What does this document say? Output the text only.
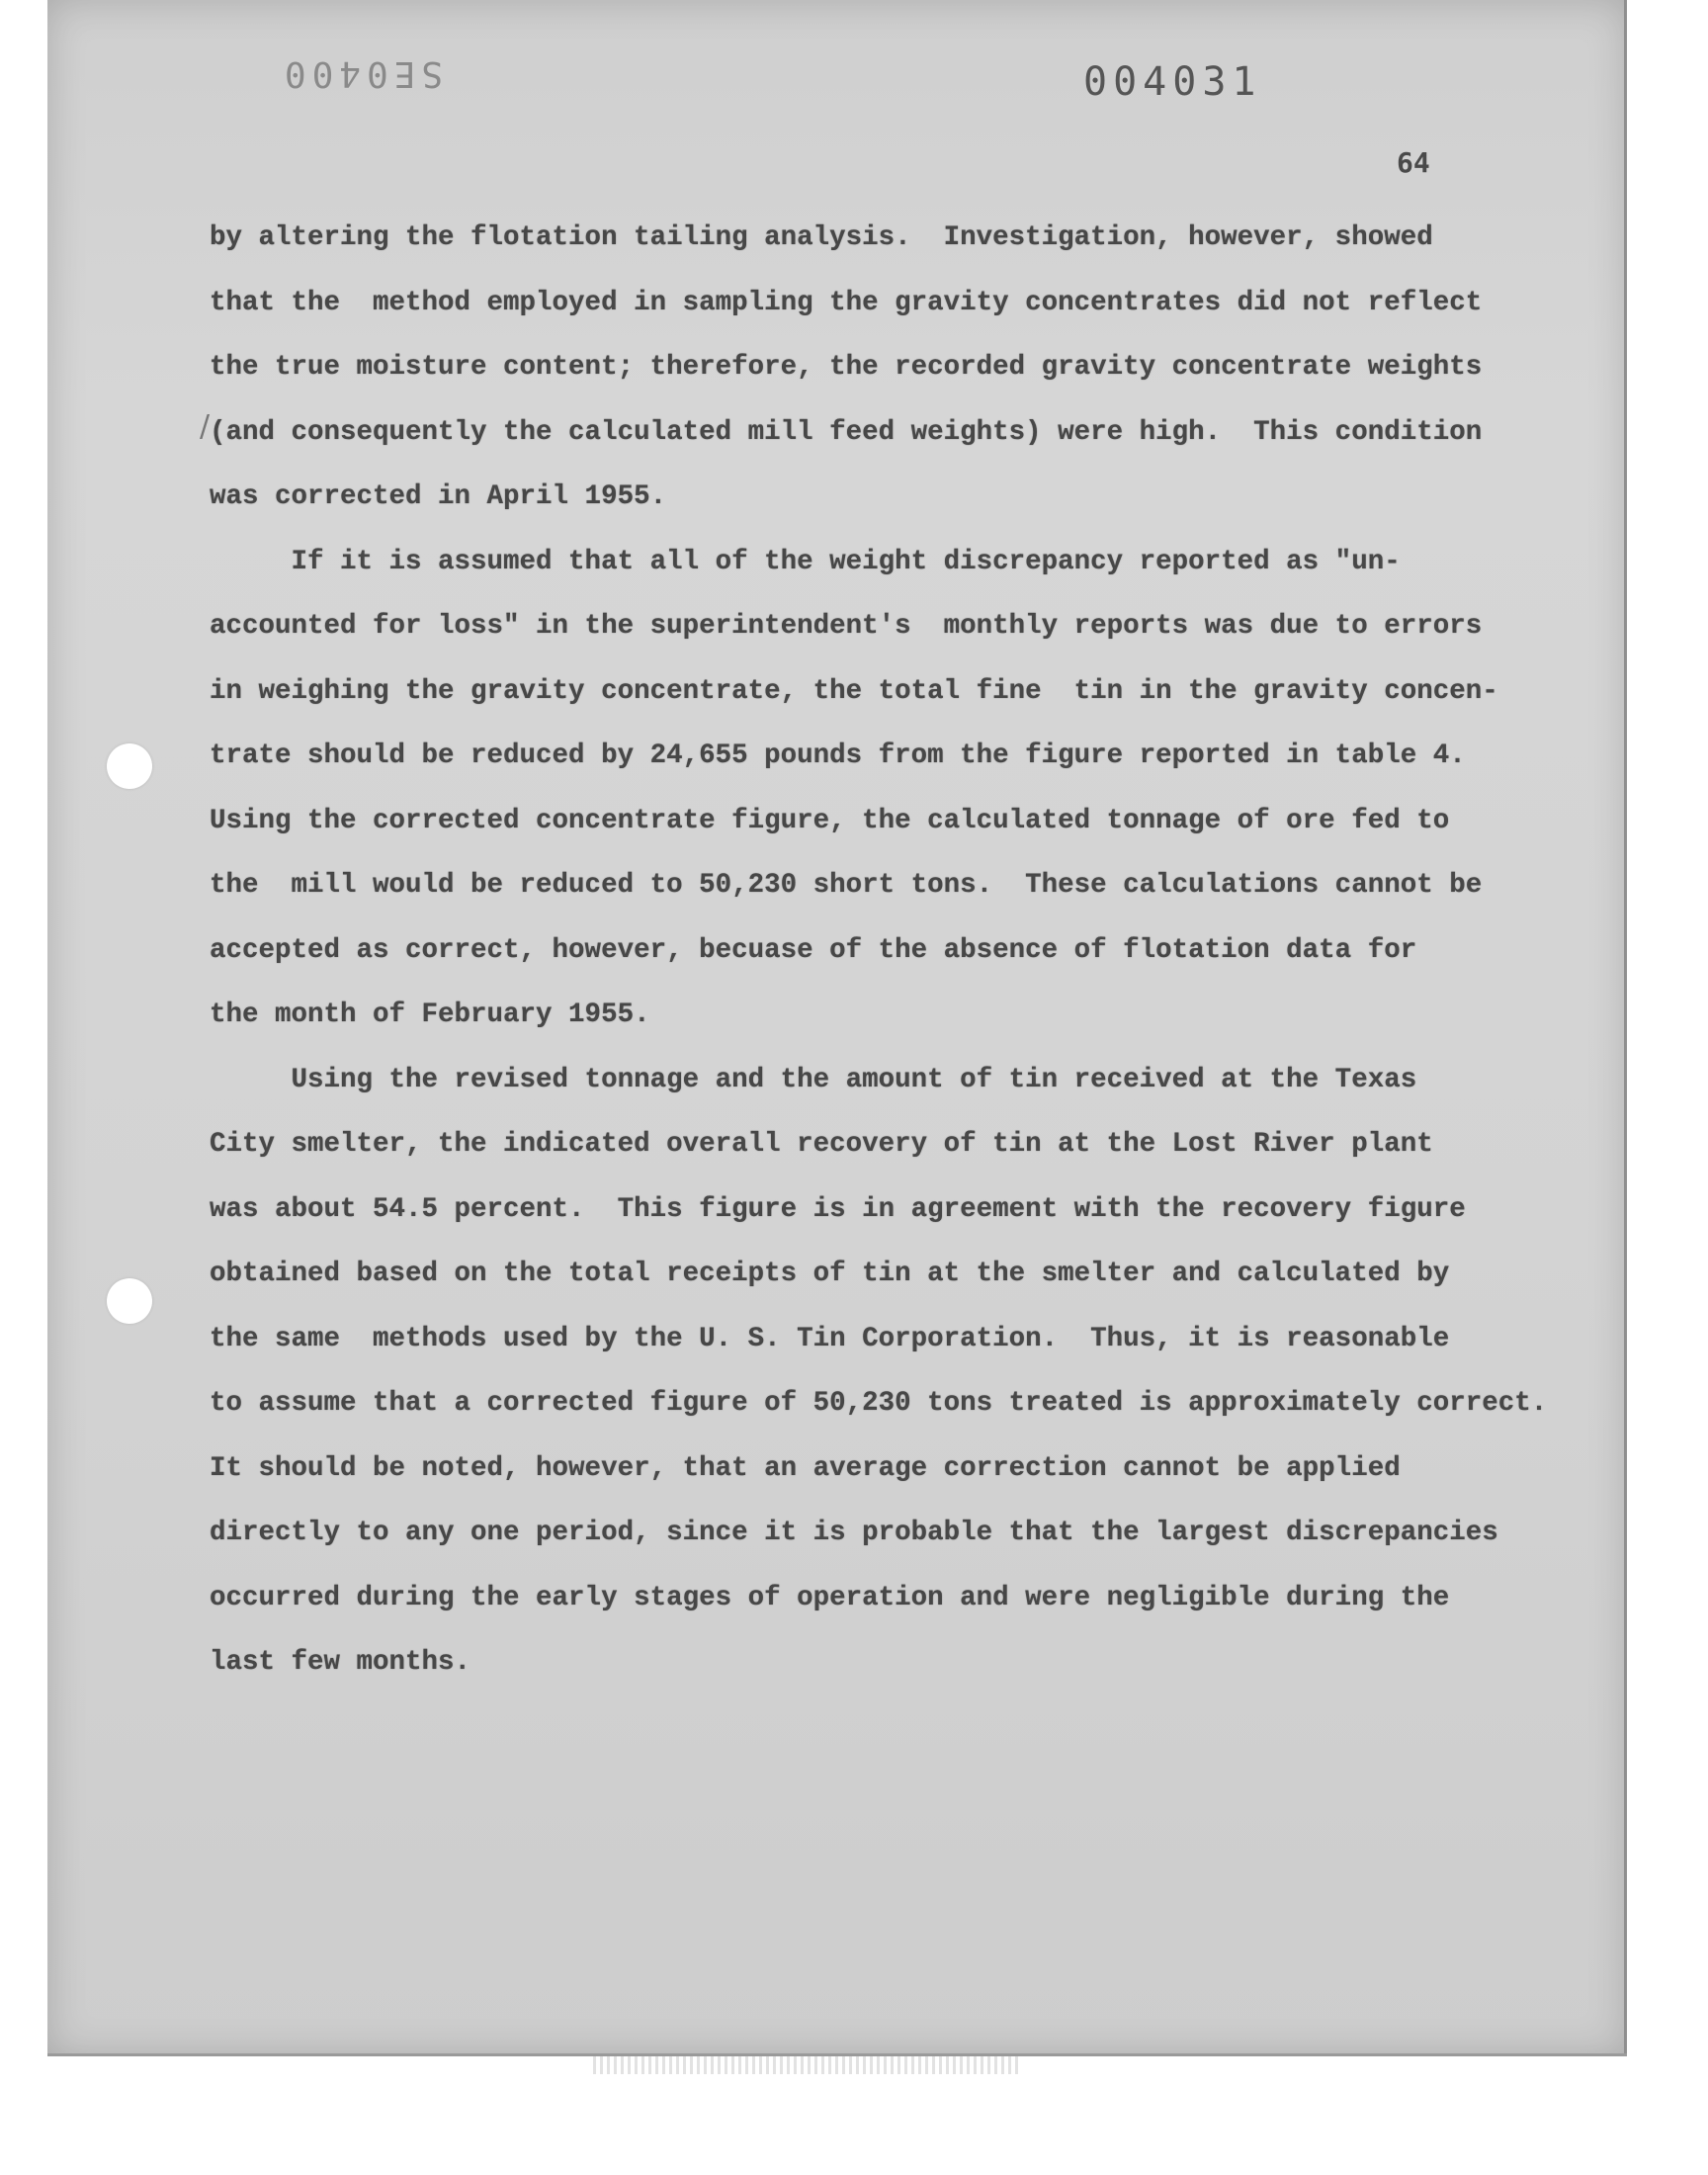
SE0400	004031
64
/
by altering the flotation tailing analysis.  Investigation, however, showed
that the  method employed in sampling the gravity concentrates did not reflect
the true moisture content; therefore, the recorded gravity concentrate weights
(and consequently the calculated mill feed weights) were high.  This condition
was corrected in April 1955.
If it is assumed that all of the weight discrepancy reported as "un-
accounted for loss" in the superintendent's  monthly reports was due to errors
in weighing the gravity concentrate, the total fine  tin in the gravity concen-
trate should be reduced by 24,655 pounds from the figure reported in table 4.
Using the corrected concentrate figure, the calculated tonnage of ore fed to
the  mill would be reduced to 50,230 short tons.  These calculations cannot be
accepted as correct, however, becuase of the absence of flotation data for
the month of February 1955.
Using the revised tonnage and the amount of tin received at the Texas
City smelter, the indicated overall recovery of tin at the Lost River plant
was about 54.5 percent.  This figure is in agreement with the recovery figure
obtained based on the total receipts of tin at the smelter and calculated by
the same  methods used by the U. S. Tin Corporation.  Thus, it is reasonable
to assume that a corrected figure of 50,230 tons treated is approximately correct.
It should be noted, however, that an average correction cannot be applied
directly to any one period, since it is probable that the largest discrepancies
occurred during the early stages of operation and were negligible during the
last few months.
